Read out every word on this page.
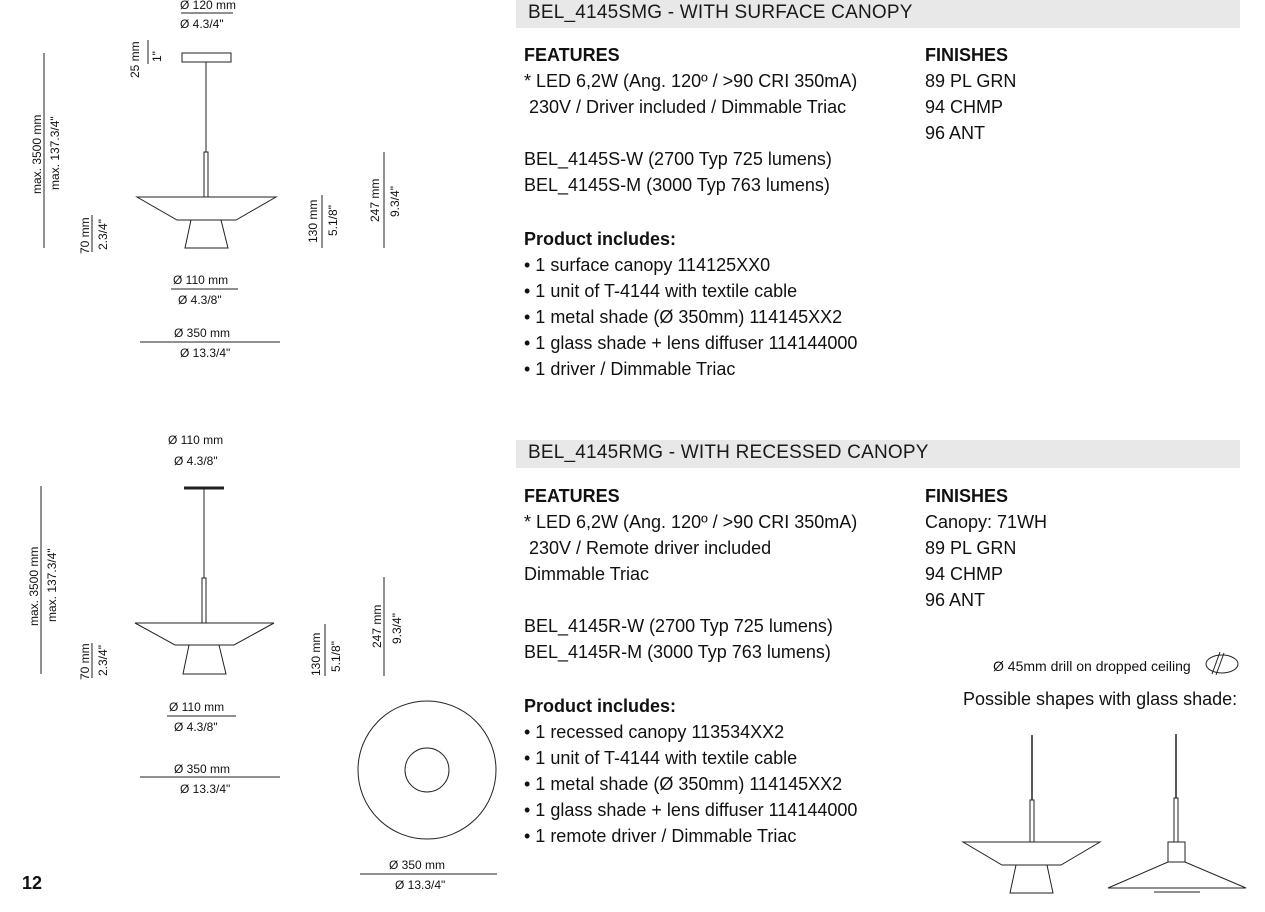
Ø 120 mm
Ø 4.3/4"
25 mm 1"
max. 3500 mm max. 137.3/4"
70 mm 2.3/4"	130 mm 5.1/8" 247 mm 9.3/4"
Ø 110 mm
Ø 4.3/8"
Ø 350 mm
Ø 13.3/4"
Ø 110 mm
Ø 4.3/8"
max. 3500 mm max. 137.3/4"
70 mm 2.3/4"	130 mm 5.1/8"
247 mm 9.3/4"
Ø 110 mm
Ø 4.3/8"
Ø 350 mm
Ø 13.3/4"
Ø 350 mm
Ø 13.3/4"
BEL_4145SMG - WITH SURFACE CANOPY
FEATURES
* LED 6,2W (Ang. 120º / >90 CRI 350mA)
230V / Driver included / Dimmable Triac
BEL_4145S-W (2700 Typ 725 lumens)
BEL_4145S-M (3000 Typ 763 lumens)
FINISHES
89 PL GRN
94 CHMP
96 ANT
Product includes:
• 1 surface canopy 114125XX0
• 1 unit of T-4144 with textile cable
• 1 metal shade (Ø 350mm) 114145XX2
• 1 glass shade + lens diffuser 114144000
• 1 driver / Dimmable Triac
BEL_4145RMG - WITH RECESSED CANOPY
FEATURES
* LED 6,2W (Ang. 120º / >90 CRI 350mA)
230V / Remote driver included
Dimmable Triac
BEL_4145R-W (2700 Typ 725 lumens)
BEL_4145R-M (3000 Typ 763 lumens)
FINISHES
Canopy: 71WH
89 PL GRN
94 CHMP
96 ANT
Ø 45mm drill on dropped ceiling
Possible shapes with glass shade:
Product includes:
• 1 recessed canopy 113534XX2
• 1 unit of T-4144 with textile cable
• 1 metal shade (Ø 350mm) 114145XX2
• 1 glass shade + lens diffuser 114144000
• 1 remote driver / Dimmable Triac
12
